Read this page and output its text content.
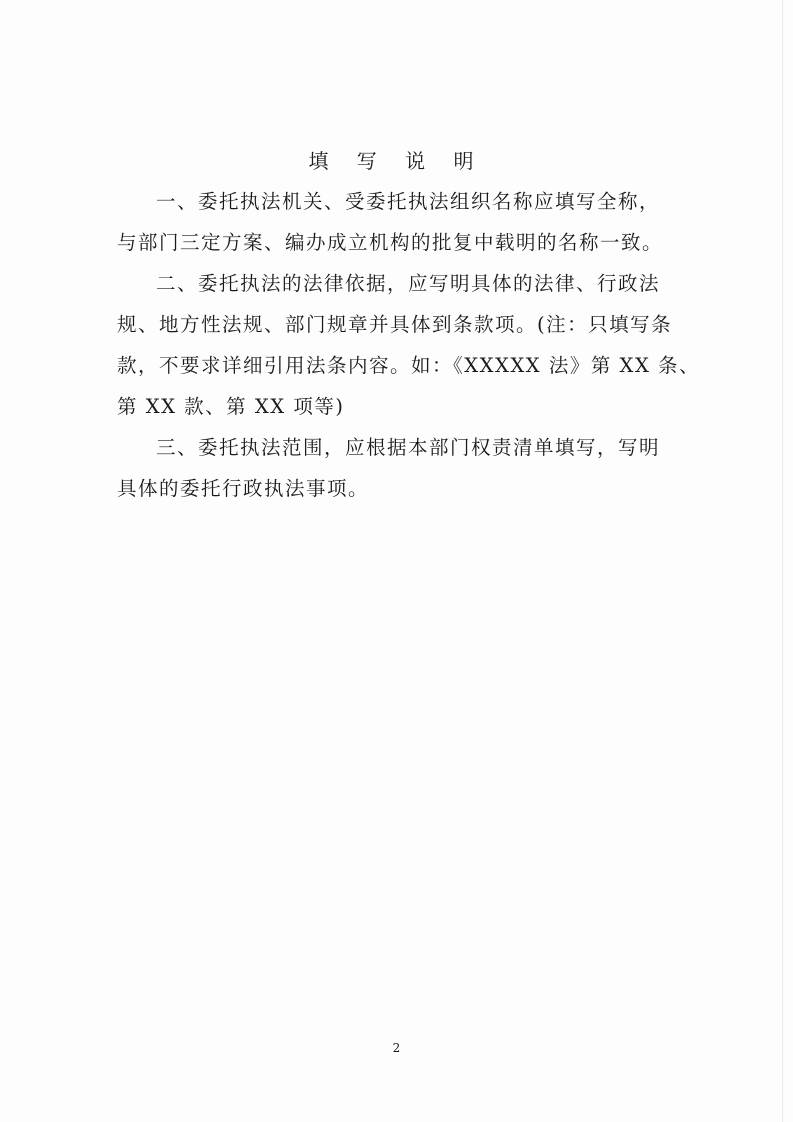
填 写 说 明
一、委托执法机关、受委托执法组织名称应填写全称，
与部门三定方案、编办成立机构的批复中载明的名称一致。
二、委托执法的法律依据，应写明具体的法律、行政法
规、地方性法规、部门规章并具体到条款项。(注：只填写条
款，不要求详细引用法条内容。如：《XXXXX 法》第 XX 条、
第 XX 款、第 XX 项等)
三、委托执法范围，应根据本部门权责清单填写，写明
具体的委托行政执法事项。
2
